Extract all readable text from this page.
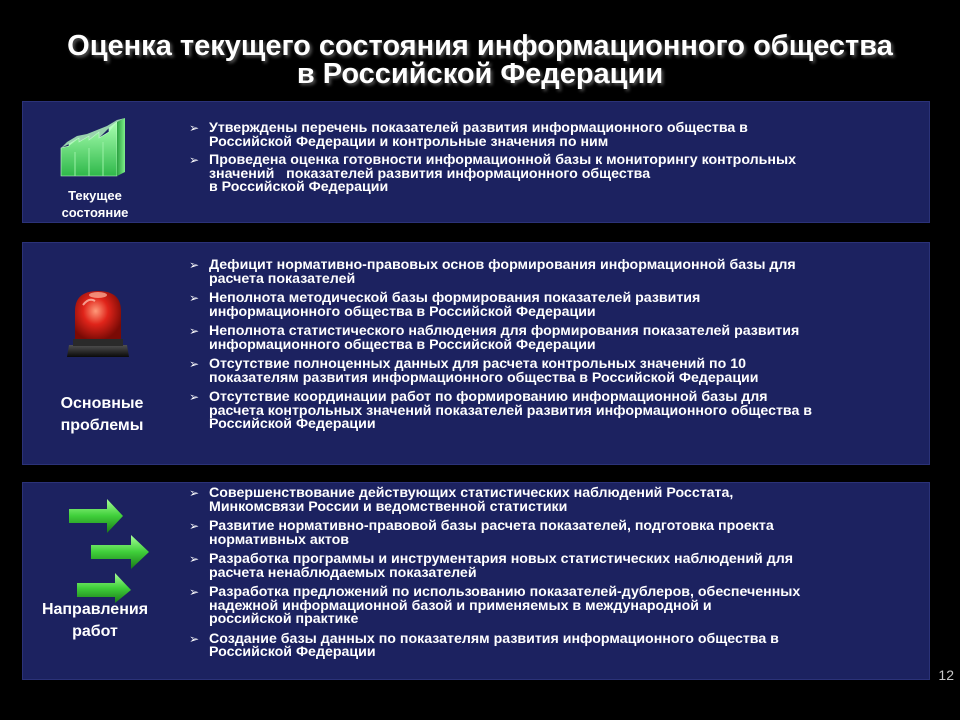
Оценка текущего состояния информационного общества
в Российской Федерации
Текущее
состояние
➢ Утверждены перечень показателей развития информационного общества в
Российской Федерации и контрольные значения по ним
➢ Проведена оценка готовности информационной базы к мониторингу контрольных
значений   показателей развития информационного общества
в Российской Федерации
Основные
проблемы
➢ Дефицит нормативно-правовых основ формирования информационной базы для
расчета показателей
➢ Неполнота методической базы формирования показателей развития
информационного общества в Российской Федерации
➢ Неполнота статистического наблюдения для формирования показателей развития
информационного общества в Российской Федерации
➢ Отсутствие полноценных данных для расчета контрольных значений по 10
показателям развития информационного общества в Российской Федерации
➢ Отсутствие координации работ по формированию информационной базы для
расчета контрольных значений показателей развития информационного общества в
Российской Федерации
Направления
работ
➢ Совершенствование действующих статистических наблюдений Росстата,
Минкомсвязи России и ведомственной статистики
➢ Развитие нормативно-правовой базы расчета показателей, подготовка проекта
нормативных актов
➢ Разработка программы и инструментария новых статистических наблюдений для
расчета ненаблюдаемых показателей
➢ Разработка предложений по использованию показателей-дублеров, обеспеченных
надежной информационной базой и применяемых в международной и
российской практике
➢ Создание базы данных по показателям развития информационного общества в
Российской Федерации
12
